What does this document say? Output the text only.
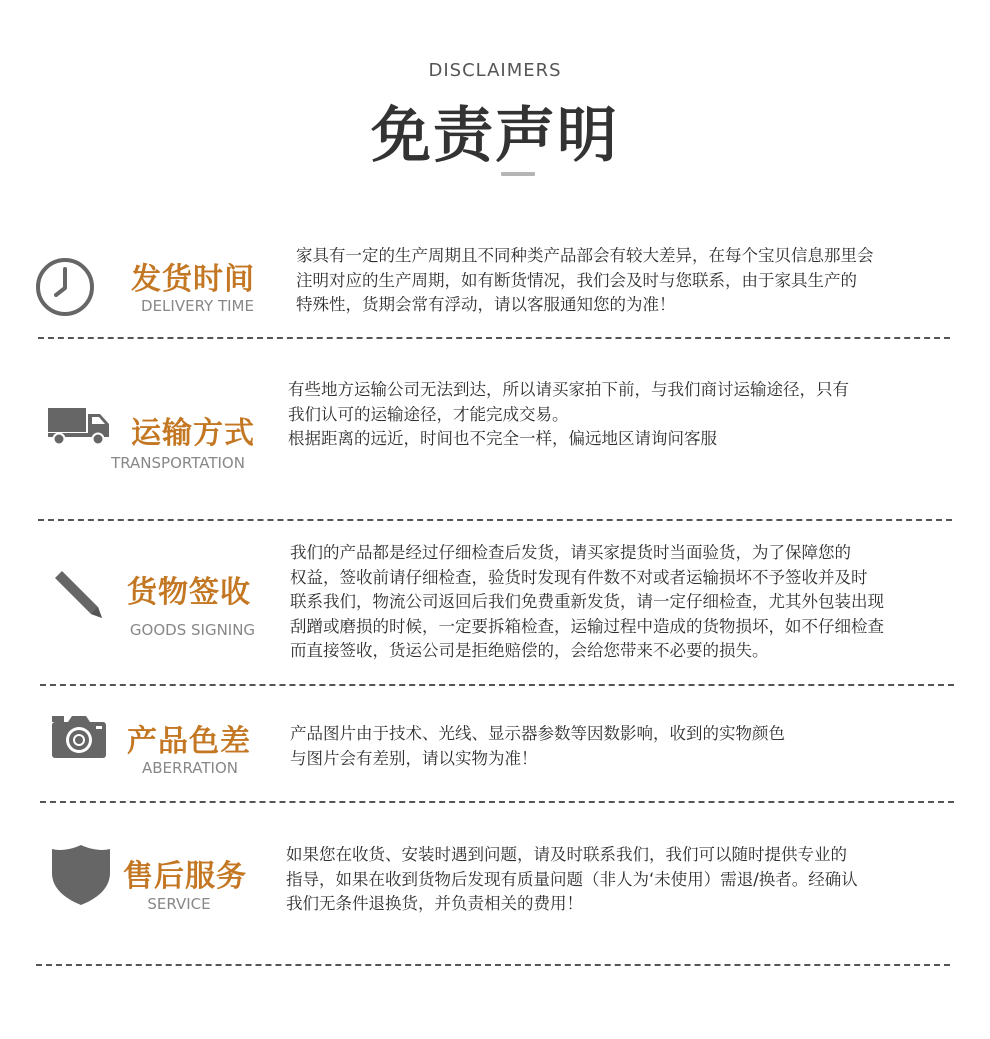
DISCLAIMERS
免责声明
发货时间
DELIVERY TIME
家具有一定的生产周期且不同种类产品部会有较大差异，在每个宝贝信息那里会
注明对应的生产周期，如有断货情况，我们会及时与您联系，由于家具生产的
特殊性，货期会常有浮动，请以客服通知您的为准！
运输方式
TRANSPORTATION
有些地方运输公司无法到达，所以请买家拍下前，与我们商讨运输途径，只有
我们认可的运输途径，才能完成交易。
根据距离的远近，时间也不完全一样，偏远地区请询问客服
货物签收
GOODS SIGNING
我们的产品都是经过仔细检查后发货，请买家提货时当面验货，为了保障您的
权益，签收前请仔细检查，验货时发现有件数不对或者运输损坏不予签收并及时
联系我们，物流公司返回后我们免费重新发货，请一定仔细检查，尤其外包装出现
刮蹭或磨损的时候，一定要拆箱检查，运输过程中造成的货物损坏，如不仔细检查
而直接签收，货运公司是拒绝赔偿的，会给您带来不必要的损失。
产品色差
ABERRATION
产品图片由于技术、光线、显示器参数等因数影响，收到的实物颜色
与图片会有差别，请以实物为准！
售后服务
SERVICE
如果您在收货、安装时遇到问题，请及时联系我们，我们可以随时提供专业的
指导，如果在收到货物后发现有质量问题（非人为‘未使用）需退/换者。经确认
我们无条件退换货，并负责相关的费用！
